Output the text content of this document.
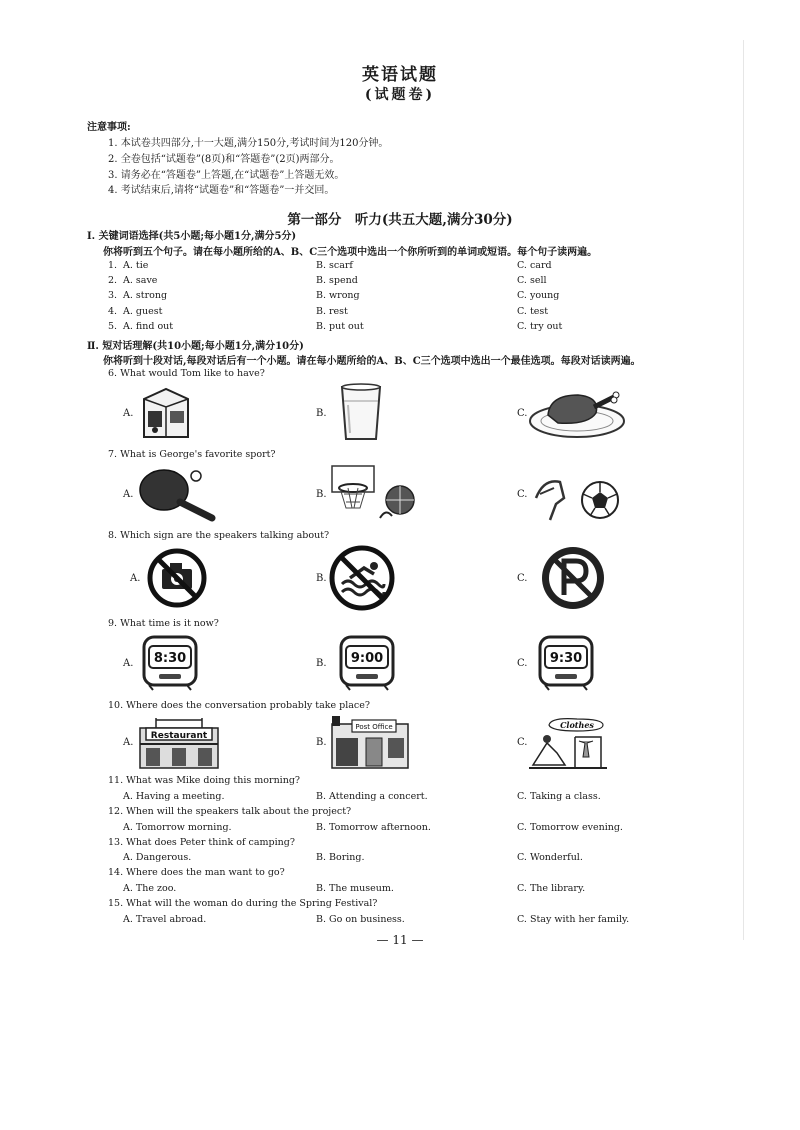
英语试题
(试题卷)
注意事项:
1. 本试卷共四部分,十一大题,满分150分,考试时间为120分钟。
2. 全卷包括“试题卷”(8页)和“答题卷”(2页)两部分。
3. 请务必在“答题卷”上答题,在“试题卷”上答题无效。
4. 考试结束后,请将“试题卷”和“答题卷”一并交回。
第一部分　听力(共五大题,满分30分)
Ⅰ. 关键词语选择(共5小题;每小题1分,满分5分)
你将听到五个句子。请在每小题所给的A、B、C三个选项中选出一个你所听到的单词或短语。每个句子读两遍。
1. A. tie	B. scarf	C. card
2. A. save	B. spend	C. sell
3. A. strong	B. wrong	C. young
4. A. guest	B. rest	C. test
5. A. find out	B. put out	C. try out
Ⅱ. 短对话理解(共10小题;每小题1分,满分10分)
你将听到十段对话,每段对话后有一个小题。请在每小题所给的A、B、C三个选项中选出一个最佳选项。每段对话读两遍。
6. What would Tom like to have?
A.	B.	C.
7. What is George's favorite sport?
A.	B.	C.
8. Which sign are the speakers talking about?
A.	B.	C.
9. What time is it now?
A.	B.	C.
8:30	9:00	9:30
10. Where does the conversation probably take place?
A.	B.	C.
Restaurant
Post Office	Clothes
11. What was Mike doing this morning?
A. Having a meeting.	B. Attending a concert.	C. Taking a class.
12. When will the speakers talk about the project?
A. Tomorrow morning.	B. Tomorrow afternoon.	C. Tomorrow evening.
13. What does Peter think of camping?
A. Dangerous.	B. Boring.	C. Wonderful.
14. Where does the man want to go?
A. The zoo.	B. The museum.	C. The library.
15. What will the woman do during the Spring Festival?
A. Travel abroad.	B. Go on business.	C. Stay with her family.
— 11 —
